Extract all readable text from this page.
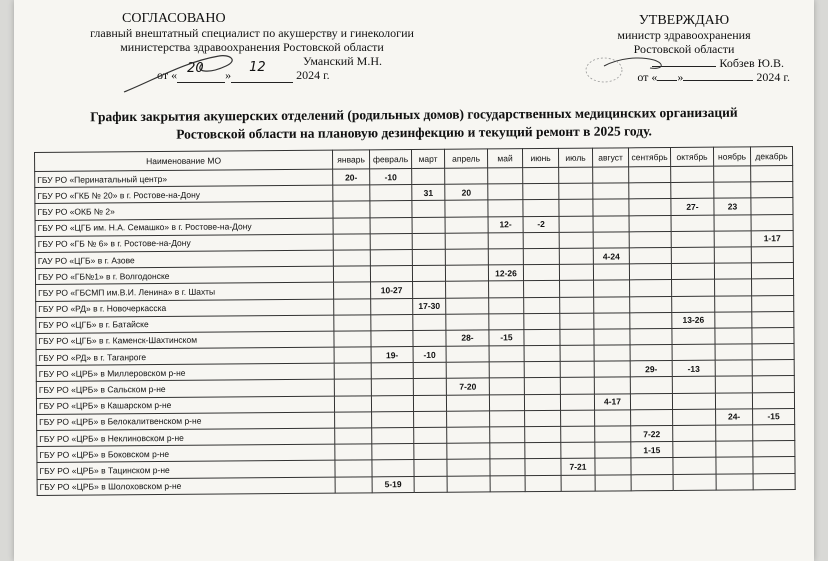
СОГЛАСОВАНО
главный внештатный специалист по акушерству и гинекологии
министерства здравоохранения Ростовской области
Уманский М.Н.
от « 20 » 12	2024 г.
УТВЕРЖДАЮ
министр здравоохранения
Ростовской области
Кобзев Ю.В.
от « »	2024 г.
График закрытия акушерских отделений (родильных домов) государственных медицинских организаций
Ростовской области на плановую дезинфекцию и текущий ремонт в 2025 году.
Наименование МО	январь	февраль	март	апрель	май	июнь	июль	август	сентябрь	октябрь	ноябрь	декабрь
ГБУ РО «Перинатальный центр»	20-	-10										
ГБУ РО «ГКБ № 20» в г. Ростове-на-Дону			31	20								
ГБУ РО «ОКБ № 2»										27-	23	
ГБУ РО «ЦГБ им. Н.А. Семашко» в г. Ростове-на-Дону					12-	-2						
ГБУ РО «ГБ № 6» в г. Ростове-на-Дону												1-17
ГАУ РО «ЦГБ» в г. Азове								4-24				
ГБУ РО «ГБ№1» в г. Волгодонске					12-26							
ГБУ РО «ГБСМП им.В.И. Ленина» в г. Шахты		10-27										
ГБУ РО «РД» в г. Новочеркасска			17-30									
ГБУ РО «ЦГБ» в г. Батайске										13-26		
ГБУ РО «ЦГБ» в г. Каменск-Шахтинском				28-	-15							
ГБУ РО «РД» в г. Таганроге		19-	-10									
ГБУ РО «ЦРБ» в Миллеровском р-не									29-	-13		
ГБУ РО «ЦРБ» в Сальском р-не				7-20								
ГБУ РО «ЦРБ» в Кашарском р-не								4-17				
ГБУ РО «ЦРБ» в Белокалитвенском р-не											24-	-15
ГБУ РО «ЦРБ» в Неклиновском р-не									7-22			
ГБУ РО «ЦРБ» в Боковском р-не									1-15			
ГБУ РО «ЦРБ» в Тацинском р-не							7-21					
ГБУ РО «ЦРБ» в Шолоховском р-не		5-19										
